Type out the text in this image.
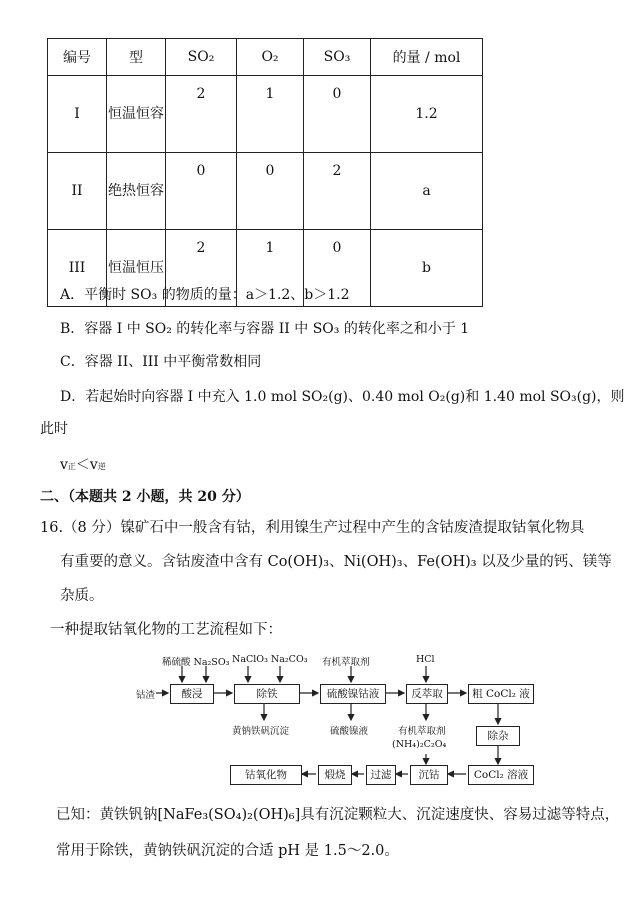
编号	型	SO₂	O₂	SO₃	的量 / mol
I	恒温恒容	2	1	0	1.2
II	绝热恒容	0	0	2	a
III	恒温恒压	2	1	0	b
A．平衡时 SO₃ 的物质的量：a＞1.2、b＞1.2
B．容器 I 中 SO₂ 的转化率与容器 II 中 SO₃ 的转化率之和小于 1
C．容器 II、III 中平衡常数相同
D．若起始时向容器 I 中充入 1.0 mol SO₂(g)、0.40 mol O₂(g)和 1.40 mol SO₃(g)，则
此时
v正＜v逆
二、（本题共 2 小题，共 20 分）
16.（8 分）镍矿石中一般含有钴，利用镍生产过程中产生的含钴废渣提取钴氧化物具
有重要的意义。含钴废渣中含有 Co(OH)₃、Ni(OH)₃、Fe(OH)₃ 以及少量的钙、镁等
杂质。
一种提取钴氧化物的工艺流程如下：
钴渣
稀硫酸 Na₂SO₃ NaClO₃ Na₂CO₃ 有机萃取剂	HCl
酸浸	除铁	硫酸镍钴液	反萃取	粗 CoCl₂ 液
除杂
CoCl₂ 溶液
沉钴
过滤
煅烧
钴氧化物
黄钠铁矾沉淀	硫酸镍液	有机萃取剂
(NH₄)₂C₂O₄
已知：黄铁钒钠[NaFe₃(SO₄)₂(OH)₆]具有沉淀颗粒大、沉淀速度快、容易过滤等特点，
常用于除铁，黄钠铁矾沉淀的合适 pH 是 1.5～2.0。
